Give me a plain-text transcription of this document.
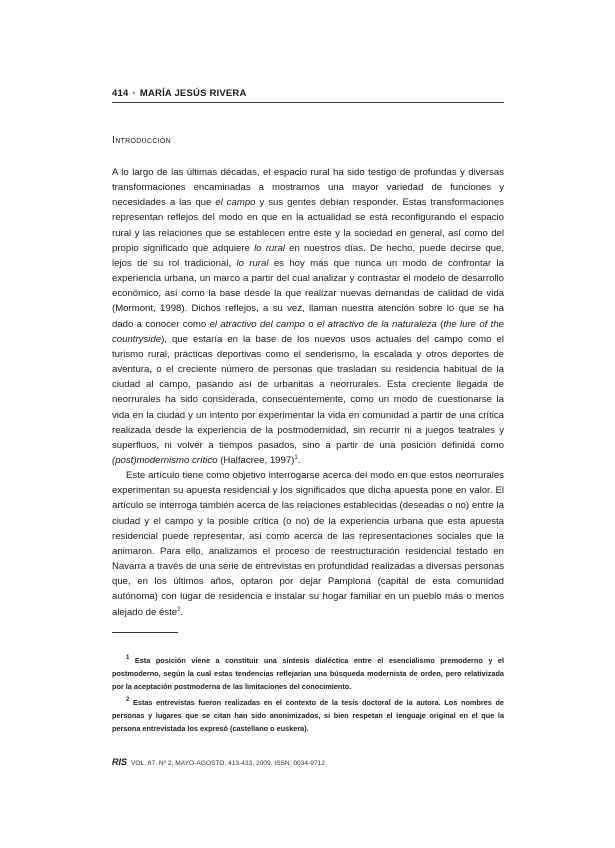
414 · MARÍA JESÚS RIVERA
Introducción

A lo largo de las últimas décadas, el espacio rural ha sido testigo de profundas y diversas transformaciones encaminadas a mostrarnos una mayor variedad de funciones y necesidades a las que el campo y sus gentes debían responder. Estas transformaciones representan reflejos del modo en que en la actualidad se está reconfigurando el espacio rural y las relaciones que se establecen entre éste y la sociedad en general, así como del propio significado que adquiere lo rural en nuestros días. De hecho, puede decirse que, lejos de su rol tradicional, lo rural es hoy más que nunca un modo de confrontar la experiencia urbana, un marco a partir del cual analizar y contrastar el modelo de desarrollo económico, así como la base desde la que realizar nuevas demandas de calidad de vida (Mormont, 1998). Dichos reflejos, a su vez, llaman nuestra atención sobre lo que se ha dado a conocer como el atractivo del campo o el atractivo de la naturaleza (the lure of the countryside), que estaría en la base de los nuevos usos actuales del campo como el turismo rural, prácticas deportivas como el senderismo, la escalada y otros deportes de aventura, o el creciente número de personas que trasladan su residencia habitual de la ciudad al campo, pasando así de urbanitas a neorrurales. Esta creciente llegada de neorrurales ha sido considerada, consecuentemente, como un modo de cuestionarse la vida en la ciudad y un intento por experimentar la vida en comunidad a partir de una crítica realizada desde la experiencia de la postmodernidad, sin recurrir ni a juegos teatrales y superfluos, ni volver a tiempos pasados, sino a partir de una posición definida como (post)modernismo crítico (Halfacree, 1997)$^1$.

Este artículo tiene como objetivo interrogarse acerca del modo en que estos neorrurales experimentan su apuesta residencial y los significados que dicha apuesta pone en valor. El artículo se interroga también acerca de las relaciones establecidas (deseadas o no) entre la ciudad y el campo y la posible crítica (o no) de la experiencia urbana que esta apuesta residencial puede representar, así como acerca de las representaciones sociales que la animaron. Para ello, analizamos el proceso de reestructuración residencial testado en Navarra a través de una serie de entrevistas en profundidad realizadas a diversas personas que, en los últimos años, optaron por dejar Pamplona (capital de esta comunidad autónoma) con lugar de residencia e instalar su hogar familiar en un pueblo más o menos alejado de éste$^2$.

$^1$ Esta posición viene a constituir una síntesis dialéctica entre el esencialismo premoderno y el postmoderno, según la cual estas tendencias reflejarían una búsqueda modernista de orden, pero relativizada por la aceptación postmoderna de las limitaciones del conocimiento.

$^2$ Estas entrevistas fueron realizadas en el contexto de la tesis doctoral de la autora. Los nombres de personas y lugares que se citan han sido anonimizados, si bien respetan el lenguaje original en el que la persona entrevistada los expresó (castellano o euskera).

RIS VOL. 67. Nº 2, MAYO-AGOSTO, 413-433, 2009. ISSN: 0034-9712
